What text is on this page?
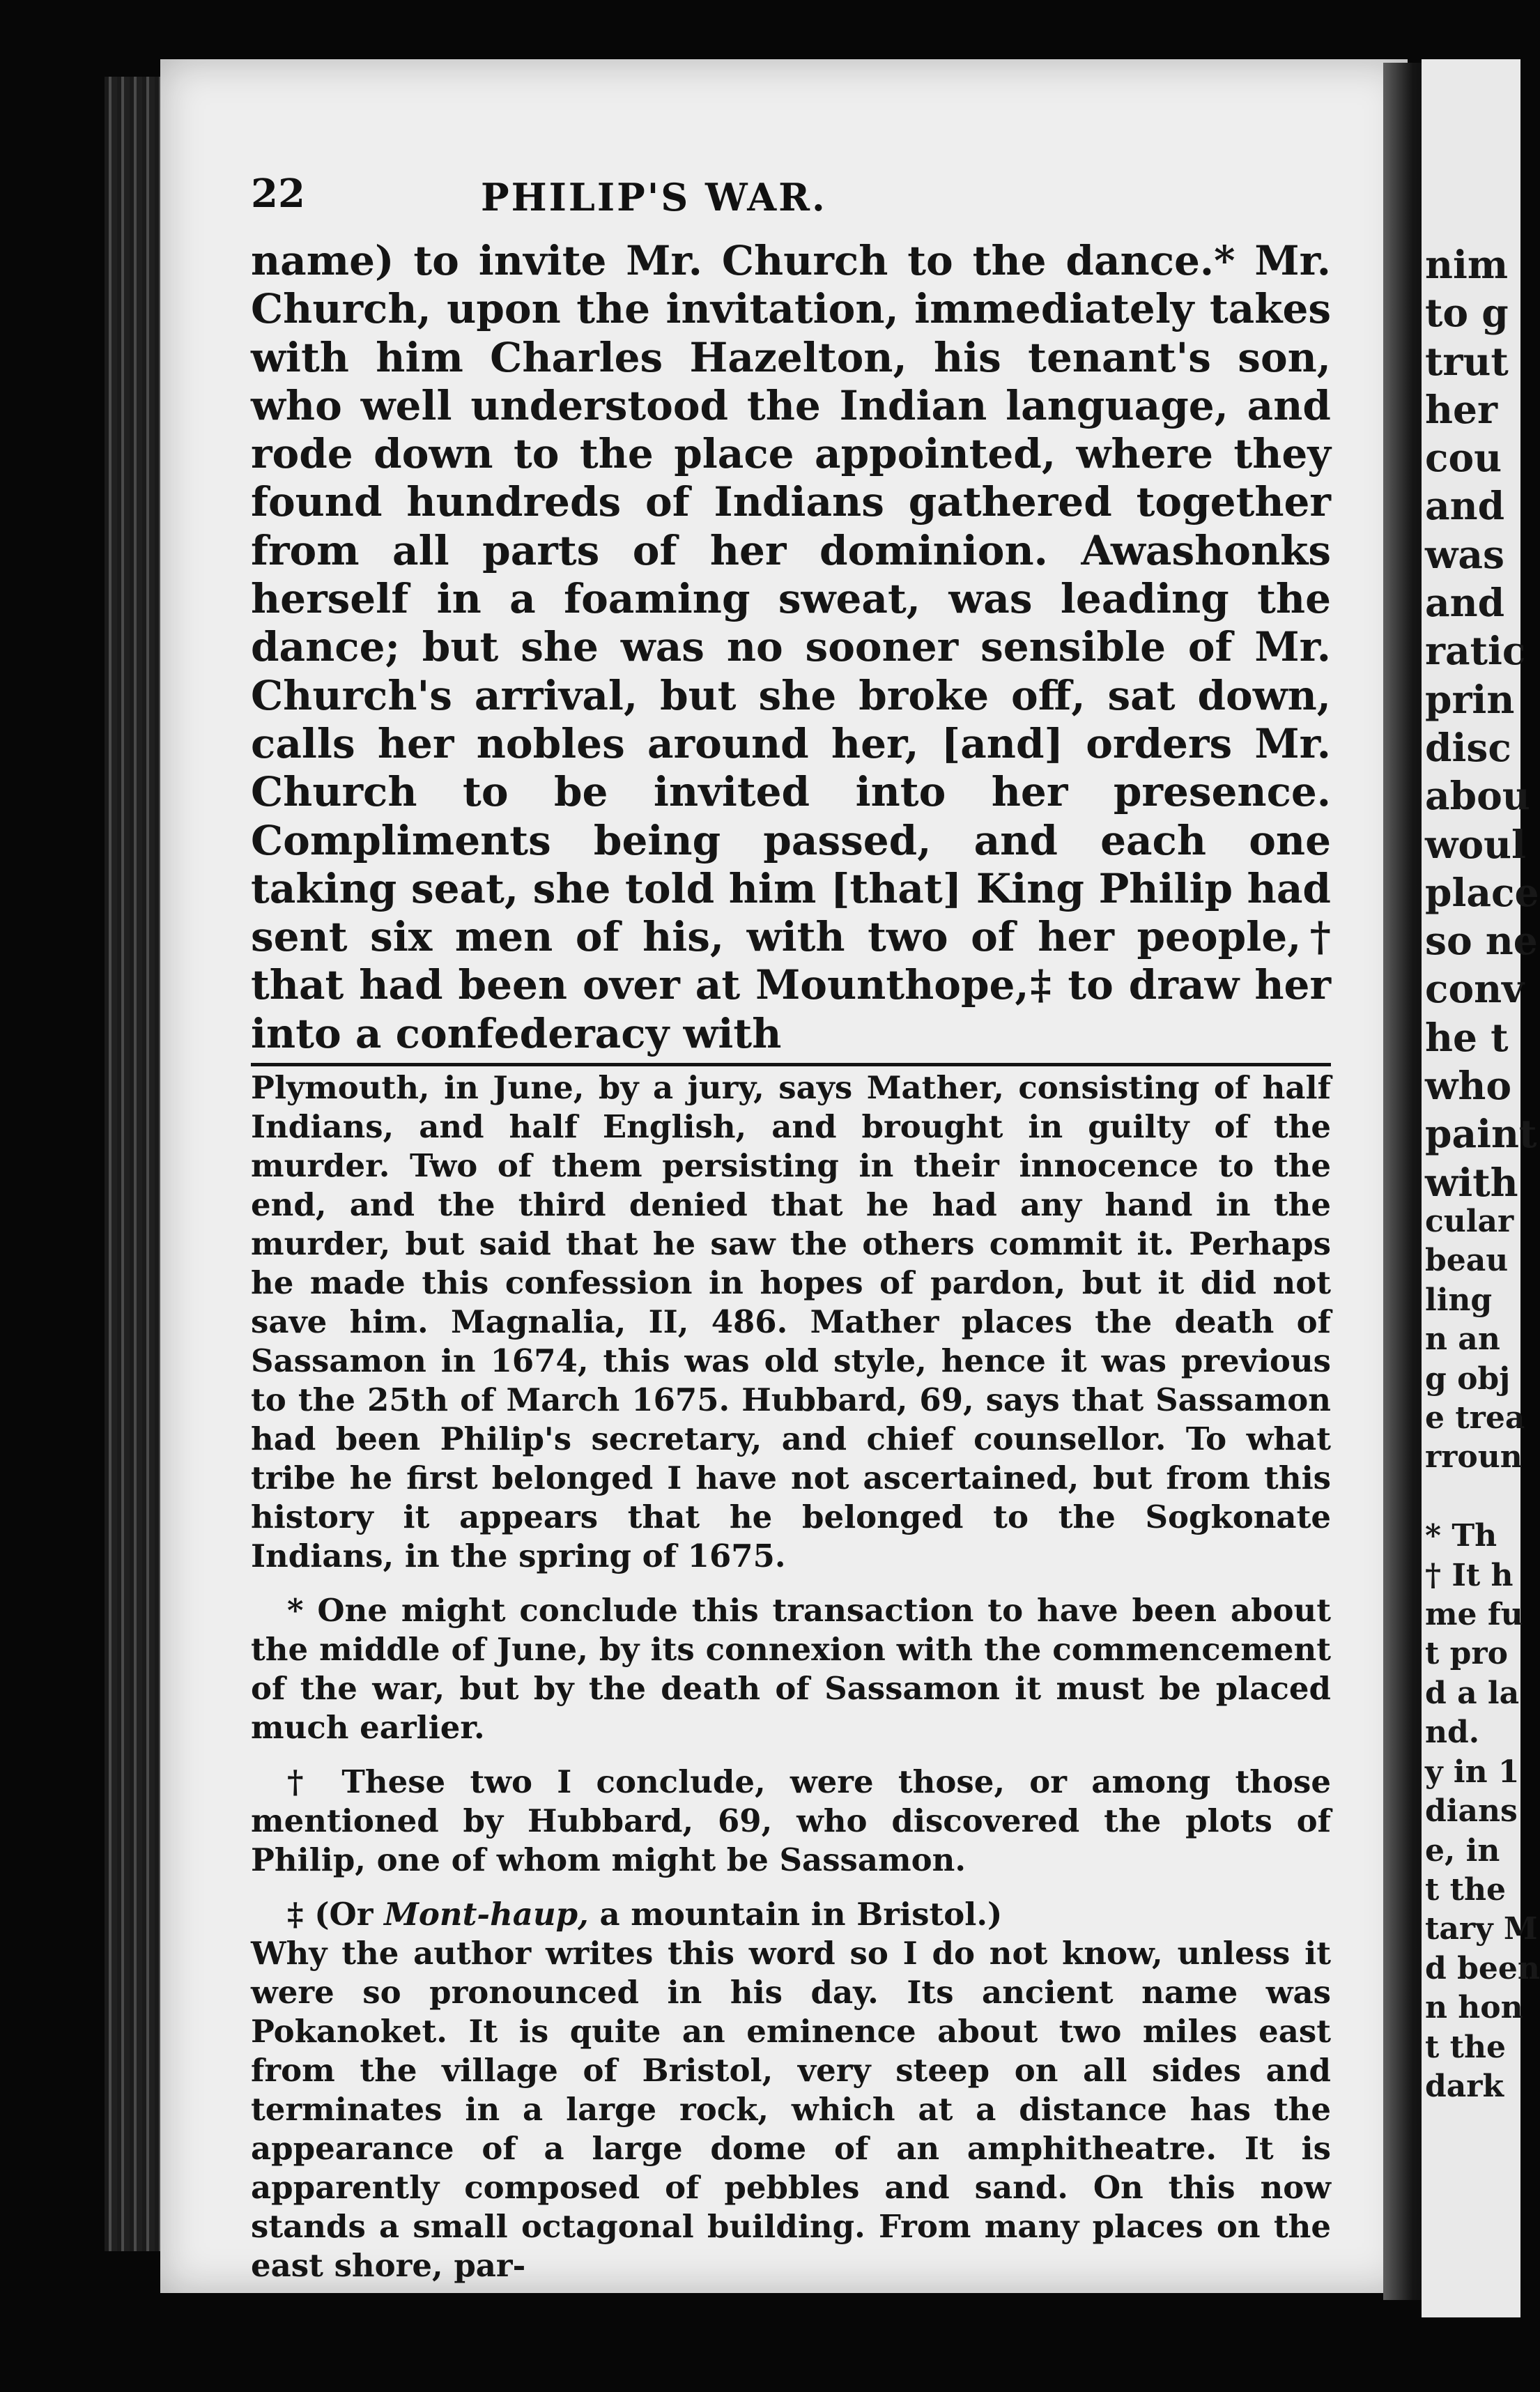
22	PHILIP'S WAR.
name) to invite Mr. Church to the dance.* Mr. Church, upon the invitation, immediately takes with him Charles Hazelton, his tenant's son, who well understood the Indian language, and rode down to the place appointed, where they found hundreds of Indians gathered together from all parts of her dominion. Awashonks herself in a foaming sweat, was leading the dance; but she was no sooner sensible of Mr. Church's arrival, but she broke off, sat down, calls her nobles around her, [and] orders Mr. Church to be invited into her presence. Compliments being passed, and each one taking seat, she told him [that] King Philip had sent six men of his, with two of her people,† that had been over at Mounthope,‡ to draw her into a confederacy with

Plymouth, in June, by a jury, says Mather, consisting of half Indians, and half English, and brought in guilty of the murder. Two of them persisting in their innocence to the end, and the third denied that he had any hand in the murder, but said that he saw the others commit it. Perhaps he made this confession in hopes of pardon, but it did not save him. Magnalia, II, 486. Mather places the death of Sassamon in 1674, this was old style, hence it was previous to the 25th of March 1675. Hubbard, 69, says that Sassamon had been Philip's secretary, and chief counsellor. To what tribe he first belonged I have not ascertained, but from this history it appears that he belonged to the Sogkonate Indians, in the spring of 1675.

* One might conclude this transaction to have been about the middle of June, by its connexion with the commencement of the war, but by the death of Sassamon it must be placed much earlier.

† These two I conclude, were those, or among those mentioned by Hubbard, 69, who discovered the plots of Philip, one of whom might be Sassamon.

‡ (Or Mont-haup, a mountain in Bristol.)

Why the author writes this word so I do not know, unless it were so pronounced in his day. Its ancient name was Pokanoket. It is quite an eminence about two miles east from the village of Bristol, very steep on all sides and terminates in a large rock, which at a distance has the appearance of a large dome of an amphitheatre. It is apparently composed of pebbles and sand. On this now stands a small octagonal building. From many places on the east shore, par-

nim
to g
trut
her
cou
and
was
and
ratic
prin
disc
abou
woul
place
so ne
conv
he t
who
paint
with
cular
beau
ling
n an
g obj
e trea
rroun

* Th
† It h
me fu
t pro
d a la
nd.
y in 1
dians
e, in
t the
tary M
d been
n hon
t the
dark
